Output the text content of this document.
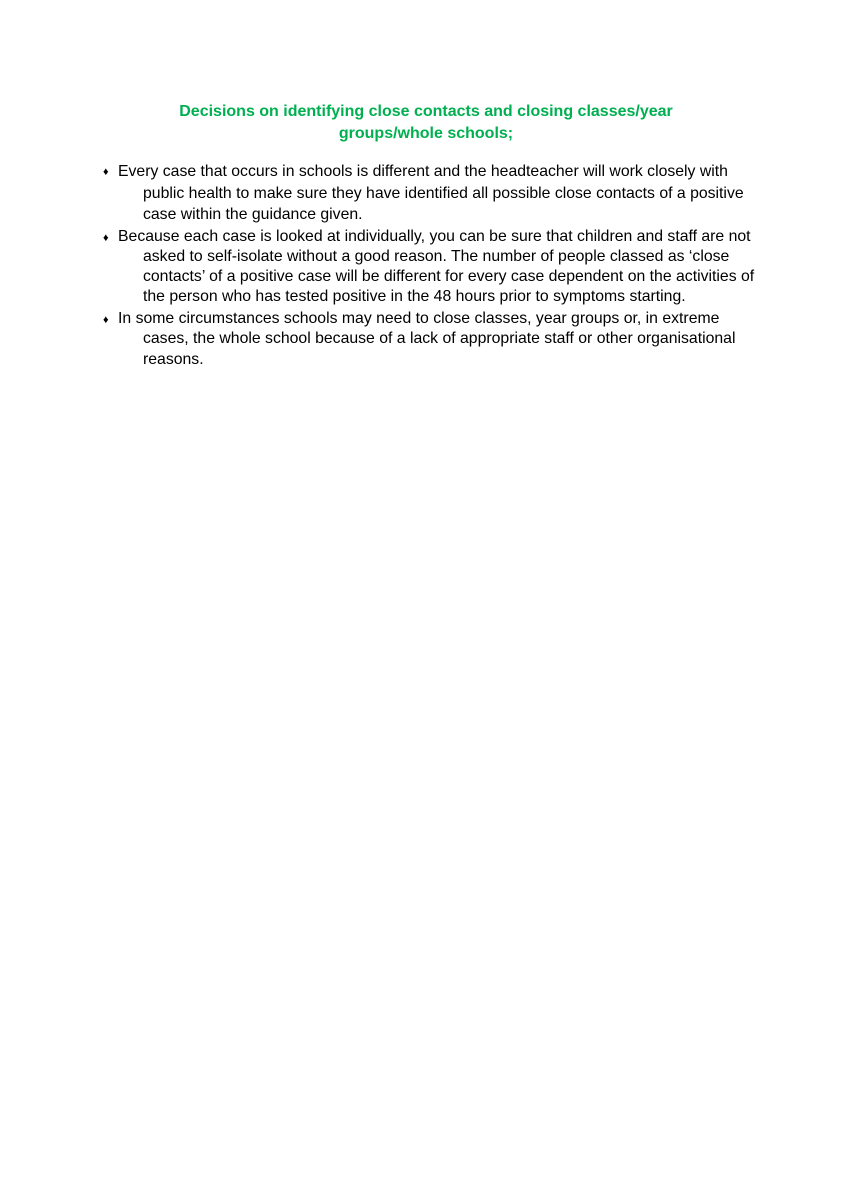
Decisions on identifying close contacts and closing classes/year groups/whole schools;
♦ Every case that occurs in schools is different and the headteacher will work closely with public health to make sure they have identified all possible close contacts of a positive case within the guidance given.
♦ Because each case is looked at individually, you can be sure that children and staff are not asked to self-isolate without a good reason. The number of people classed as ‘close contacts’ of a positive case will be different for every case dependent on the activities of the person who has tested positive in the 48 hours prior to symptoms starting.
♦ In some circumstances schools may need to close classes, year groups or, in extreme cases, the whole school because of a lack of appropriate staff or other organisational reasons.
